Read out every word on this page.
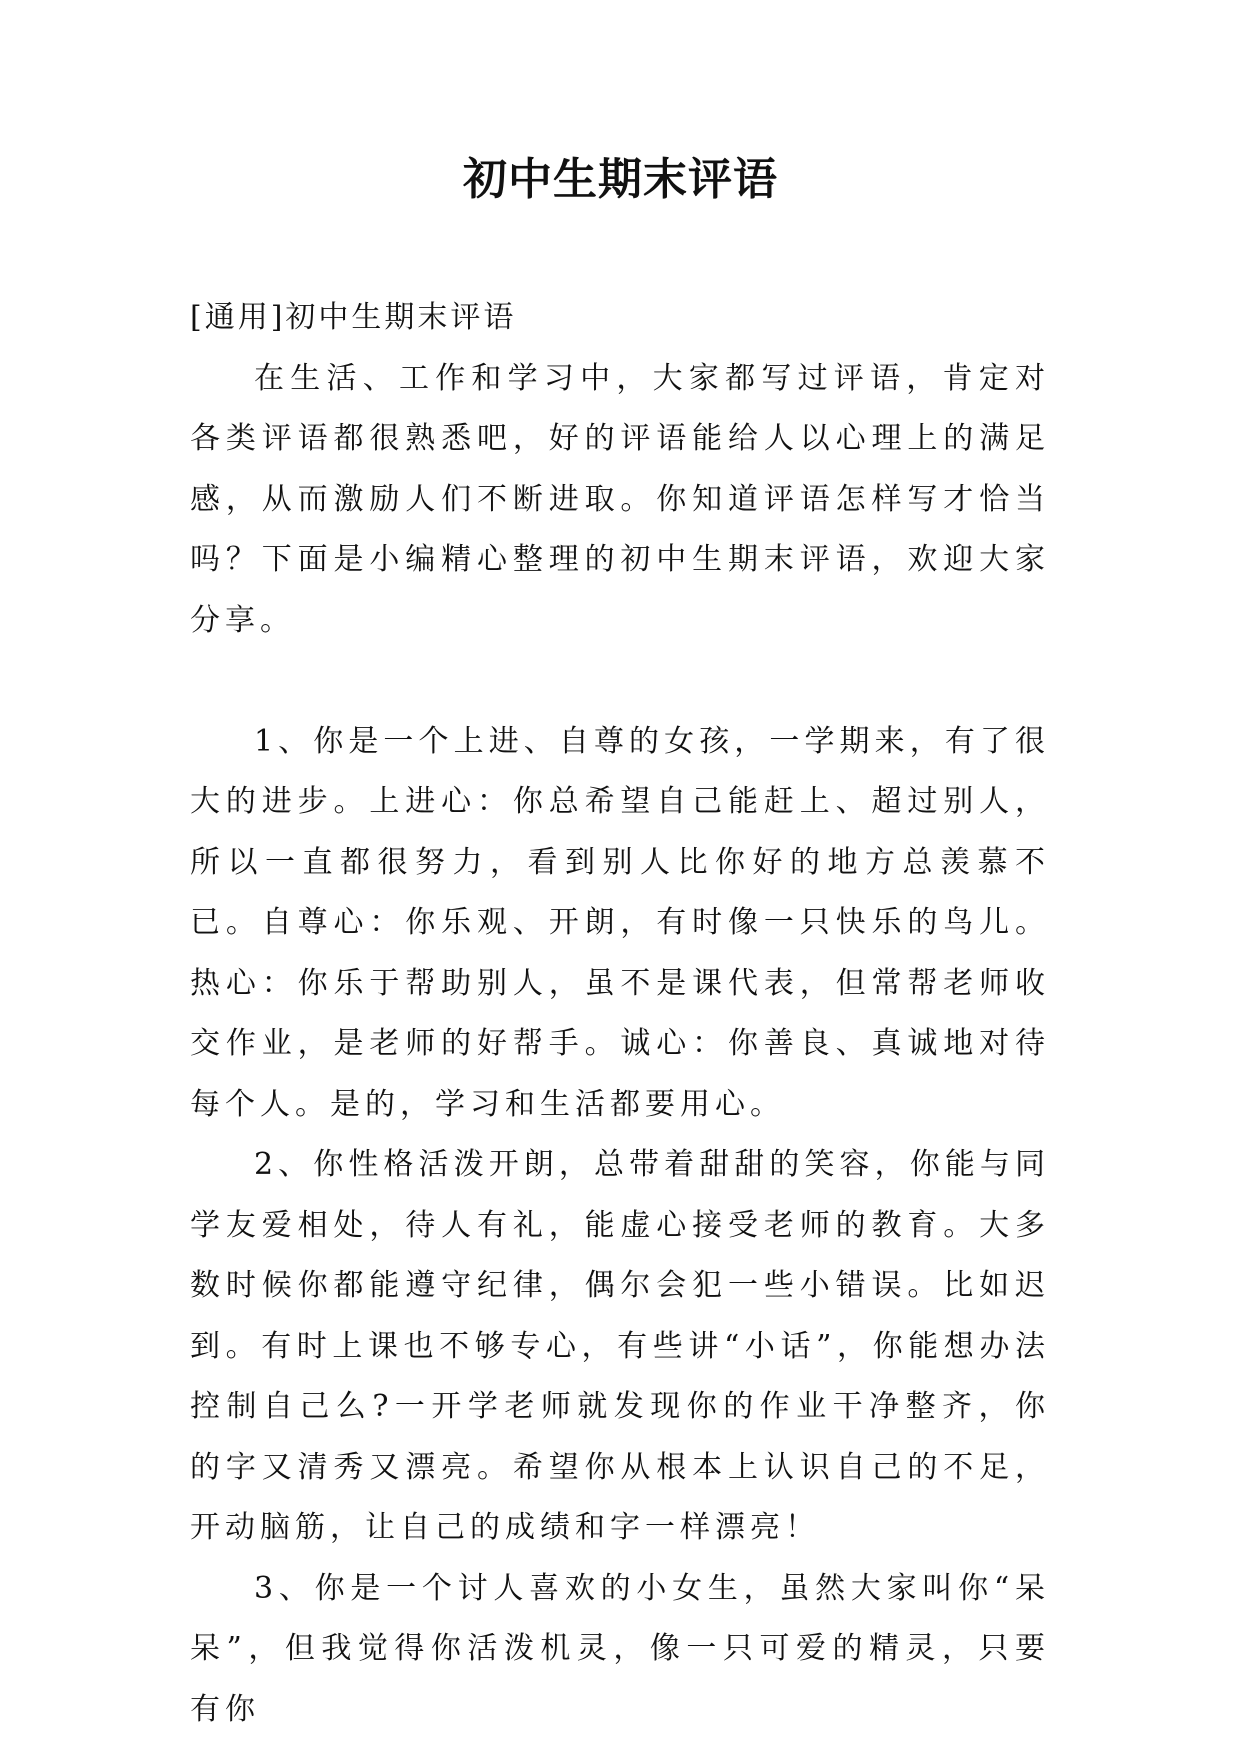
初中生期末评语

[通用]初中生期末评语

在生活、工作和学习中，大家都写过评语，肯定对各类评语都很熟悉吧，好的评语能给人以心理上的满足感，从而激励人们不断进取。你知道评语怎样写才恰当吗？下面是小编精心整理的初中生期末评语，欢迎大家分享。

1、你是一个上进、自尊的女孩，一学期来，有了很大的进步。上进心：你总希望自己能赶上、超过别人，所以一直都很努力，看到别人比你好的地方总羡慕不已。自尊心：你乐观、开朗，有时像一只快乐的鸟儿。热心：你乐于帮助别人，虽不是课代表，但常帮老师收交作业，是老师的好帮手。诚心：你善良、真诚地对待每个人。是的，学习和生活都要用心。

2、你性格活泼开朗，总带着甜甜的笑容，你能与同学友爱相处，待人有礼，能虚心接受老师的教育。大多数时候你都能遵守纪律，偶尔会犯一些小错误。比如迟到。有时上课也不够专心，有些讲“小话”，你能想办法控制自己么?一开学老师就发现你的作业干净整齐，你的字又清秀又漂亮。希望你从根本上认识自己的不足，开动脑筋，让自己的成绩和字一样漂亮！

3、你是一个讨人喜欢的小女生，虽然大家叫你“呆呆”，但我觉得你活泼机灵，像一只可爱的精灵，只要有你
